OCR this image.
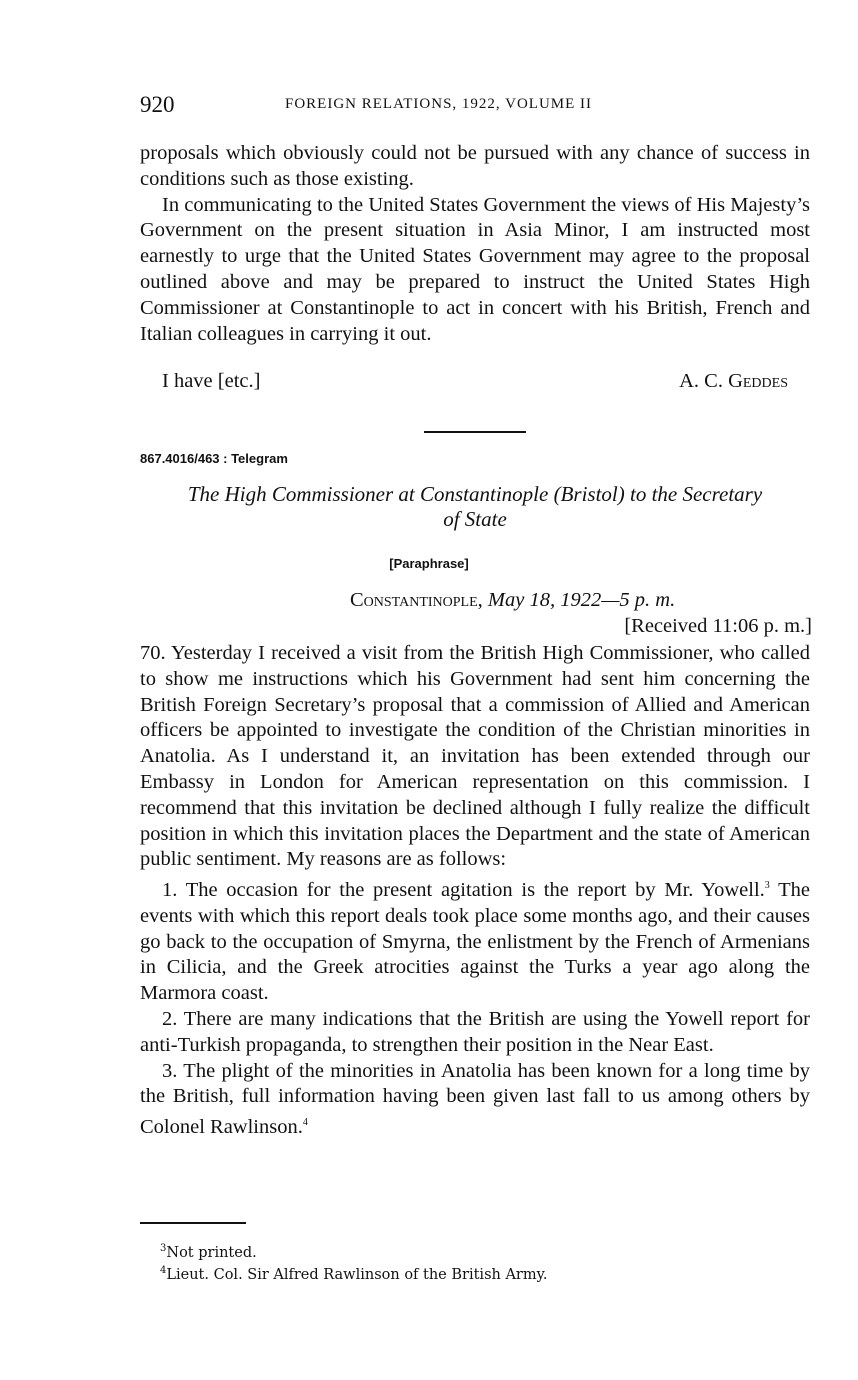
920	FOREIGN RELATIONS, 1922, VOLUME II

proposals which obviously could not be pursued with any chance of success in conditions such as those existing.

In communicating to the United States Government the views of His Majesty’s Government on the present situation in Asia Minor, I am instructed most earnestly to urge that the United States Government may agree to the proposal outlined above and may be prepared to instruct the United States High Commissioner at Constantinople to act in concert with his British, French and Italian colleagues in carrying it out.

I have [etc.]	A. C. Geddes
867.4016/463 : Telegram
The High Commissioner at Constantinople (Bristol) to the Secretary
of State
[Paraphrase]
Constantinople, May 18, 1922—5 p. m.
[Received 11:06 p. m.]

70. Yesterday I received a visit from the British High Commissioner, who called to show me instructions which his Government had sent him concerning the British Foreign Secretary’s proposal that a commission of Allied and American officers be appointed to investigate the condition of the Christian minorities in Anatolia. As I understand it, an invitation has been extended through our Embassy in London for American representation on this commission. I recommend that this invitation be declined although I fully realize the difficult position in which this invitation places the Department and the state of American public sentiment. My reasons are as follows:

1. The occasion for the present agitation is the report by Mr. Yowell.$^3$ The events with which this report deals took place some months ago, and their causes go back to the occupation of Smyrna, the enlistment by the French of Armenians in Cilicia, and the Greek atrocities against the Turks a year ago along the Marmora coast.

2. There are many indications that the British are using the Yowell report for anti-Turkish propaganda, to strengthen their position in the Near East.

3. The plight of the minorities in Anatolia has been known for a long time by the British, full information having been given last fall to us among others by Colonel Rawlinson.$^4$

$^3$Not printed.
$^4$Lieut. Col. Sir Alfred Rawlinson of the British Army.
